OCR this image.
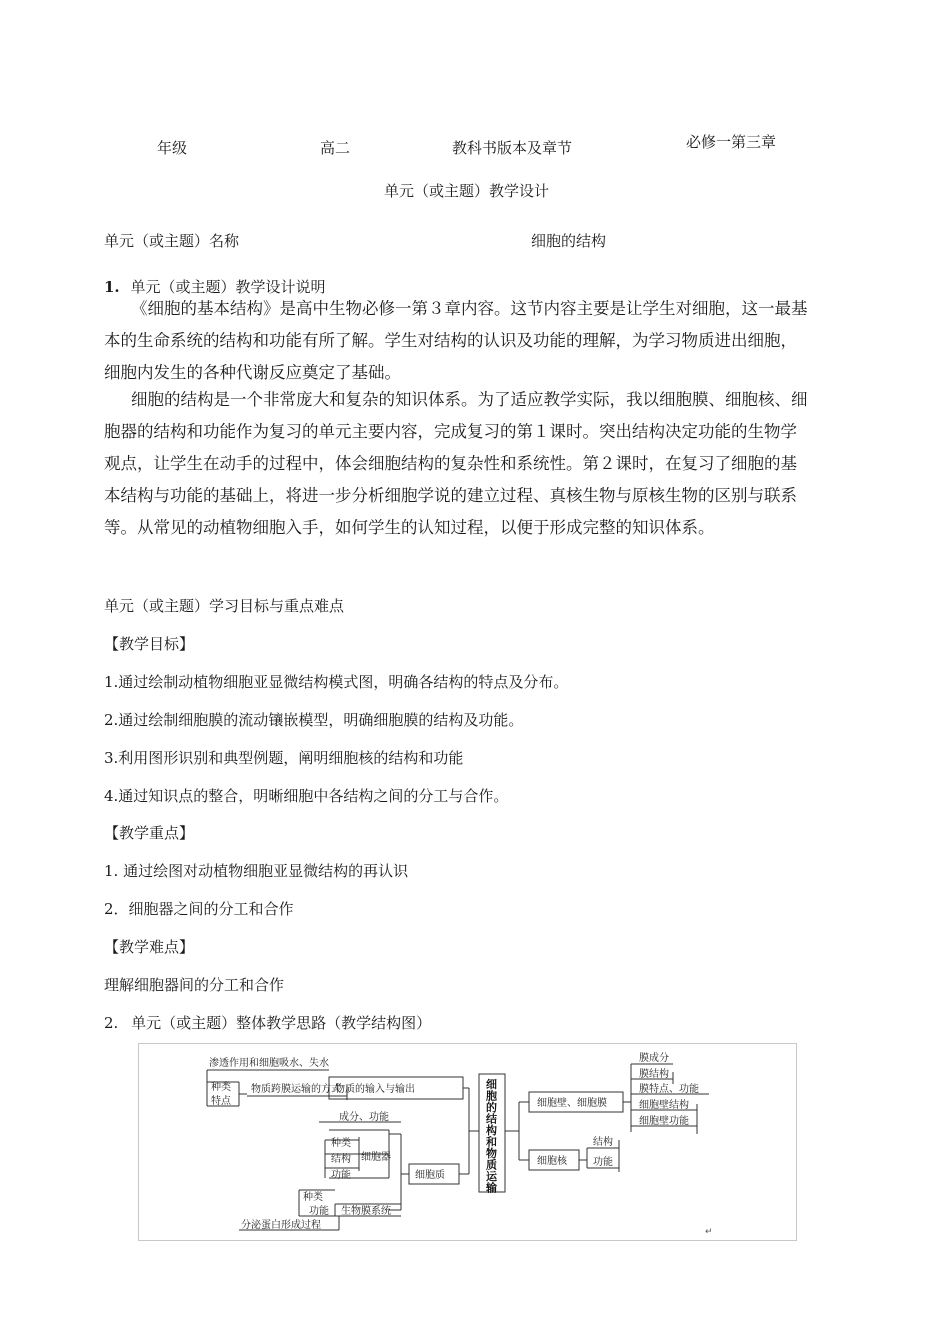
年级	高二	教科书版本及章节	必修一第三章
单元（或主题）教学设计
单元（或主题）名称	细胞的结构
1. 单元（或主题）教学设计说明
《细胞的基本结构》是高中生物必修一第３章内容。这节内容主要是让学生对细胞，这一最基
本的生命系统的结构和功能有所了解。学生对结构的认识及功能的理解，为学习物质进出细胞，
细胞内发生的各种代谢反应奠定了基础。
细胞的结构是一个非常庞大和复杂的知识体系。为了适应教学实际，我以细胞膜、细胞核、细
胞器的结构和功能作为复习的单元主要内容，完成复习的第１课时。突出结构决定功能的生物学
观点，让学生在动手的过程中，体会细胞结构的复杂性和系统性。第２课时，在复习了细胞的基
本结构与功能的基础上，将进一步分析细胞学说的建立过程、真核生物与原核生物的区别与联系
等。从常见的动植物细胞入手，如何学生的认知过程，以便于形成完整的知识体系。
单元（或主题）学习目标与重点难点
【教学目标】
1.通过绘制动植物细胞亚显微结构模式图，明确各结构的特点及分布。
2.通过绘制细胞膜的流动镶嵌模型，明确细胞膜的结构及功能。
3.利用图形识别和典型例题，阐明细胞核的结构和功能
4.通过知识点的整合，明晰细胞中各结构之间的分工与合作。
【教学重点】
1. 通过绘图对动植物细胞亚显微结构的再认识
2．细胞器之间的分工和合作
【教学难点】
理解细胞器间的分工和合作
2. 单元（或主题）整体教学思路（教学结构图）
渗透作用和细胞吸水、失水
种类
特点
物质跨膜运输的方式
物质的输入与输出
成分、功能
种类
结构
功能
细胞器
细胞质
种类
功能 生物膜系统
分泌蛋白形成过程
细
胞
的
结
构
和
物
质
运
输
细胞壁、细胞膜
细胞核
膜成分
膜结构
膜特点、功能
细胞壁结构
细胞壁功能
结构
功能
↵
